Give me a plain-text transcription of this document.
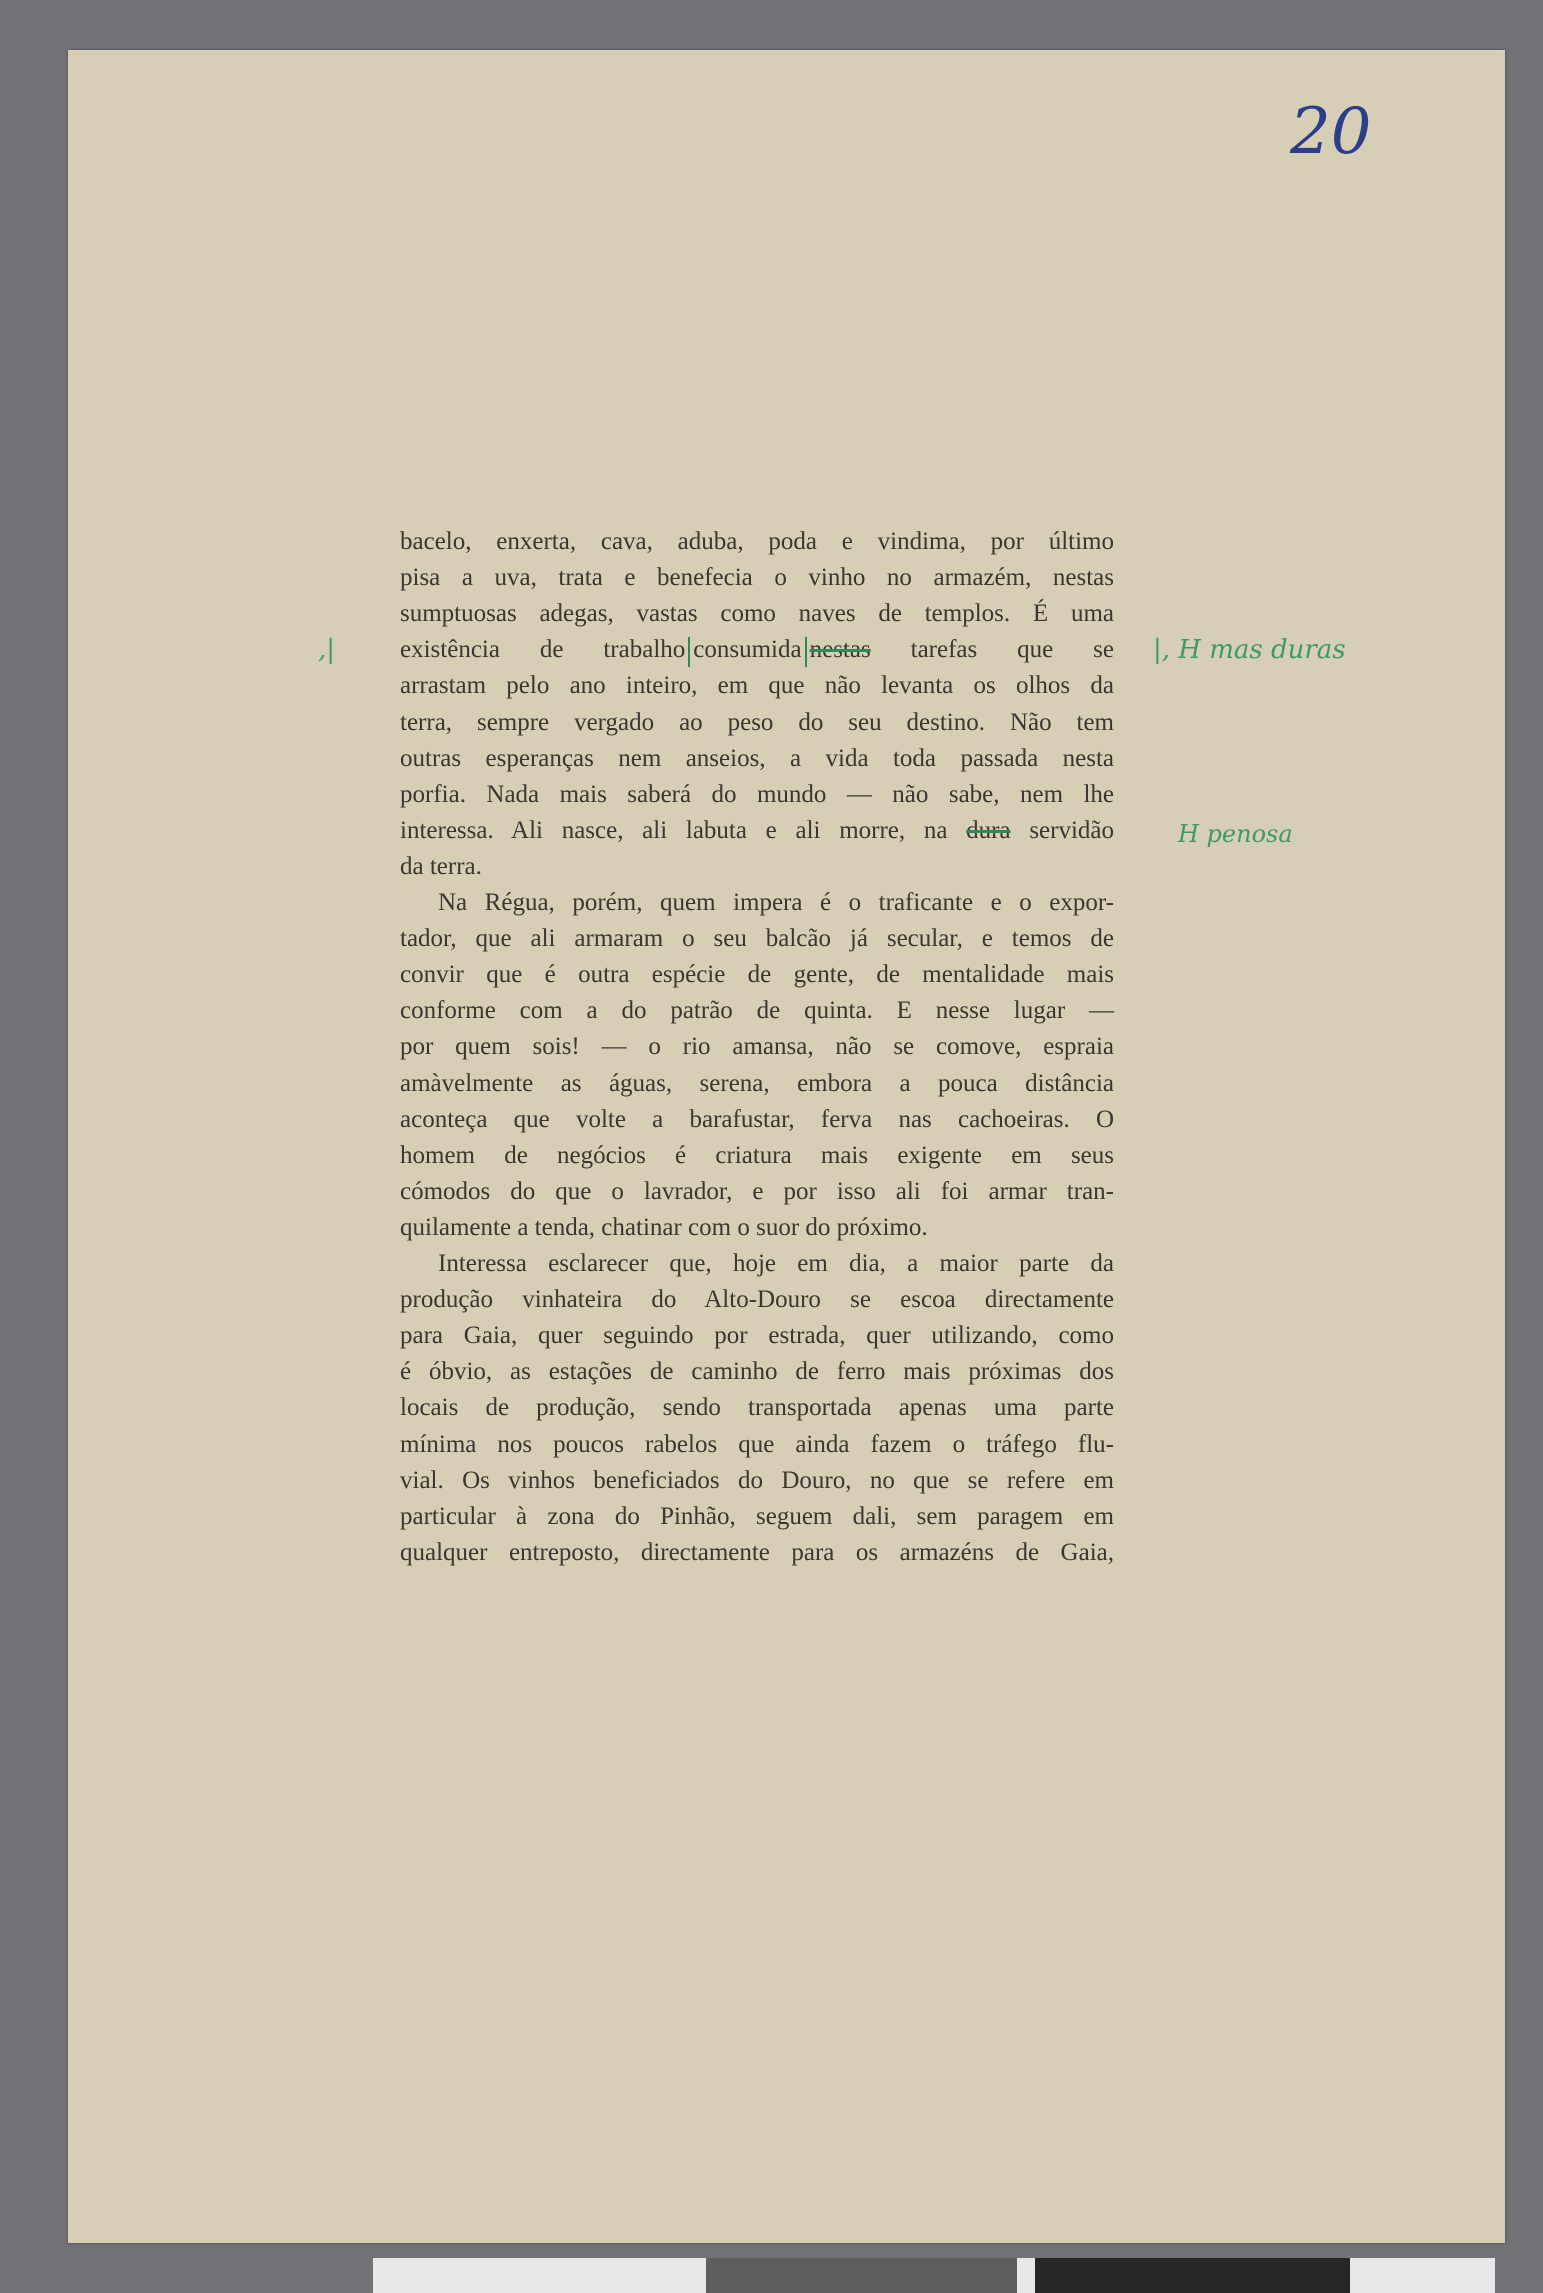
20
bacelo, enxerta, cava, aduba, poda e vindima, por último
pisa a uva, trata e benefecia o vinho no armazém, nestas
sumptuosas adegas, vastas como naves de templos. É uma
existência de trabalho consumida nestas tarefas que se
arrastam pelo ano inteiro, em que não levanta os olhos da
terra, sempre vergado ao peso do seu destino. Não tem
outras esperanças nem anseios, a vida toda passada nesta
porfia. Nada mais saberá do mundo — não sabe, nem lhe
interessa. Ali nasce, ali labuta e ali morre, na dura servidão
da terra.
Na Régua, porém, quem impera é o traficante e o expor-
tador, que ali armaram o seu balcão já secular, e temos de
convir que é outra espécie de gente, de mentalidade mais
conforme com a do patrão de quinta. E nesse lugar —
por quem sois! — o rio amansa, não se comove, espraia
amàvelmente as águas, serena, embora a pouca distância
aconteça que volte a barafustar, ferva nas cachoeiras. O
homem de negócios é criatura mais exigente em seus
cómodos do que o lavrador, e por isso ali foi armar tran-
quilamente a tenda, chatinar com o suor do próximo.
Interessa esclarecer que, hoje em dia, a maior parte da
produção vinhateira do Alto-Douro se escoa directamente
para Gaia, quer seguindo por estrada, quer utilizando, como
é óbvio, as estações de caminho de ferro mais próximas dos
locais de produção, sendo transportada apenas uma parte
mínima nos poucos rabelos que ainda fazem o tráfego flu-
vial. Os vinhos beneficiados do Douro, no que se refere em
particular à zona do Pinhão, seguem dali, sem paragem em
qualquer entreposto, directamente para os armazéns de Gaia,
,|	|, H mas duras
H penosa
